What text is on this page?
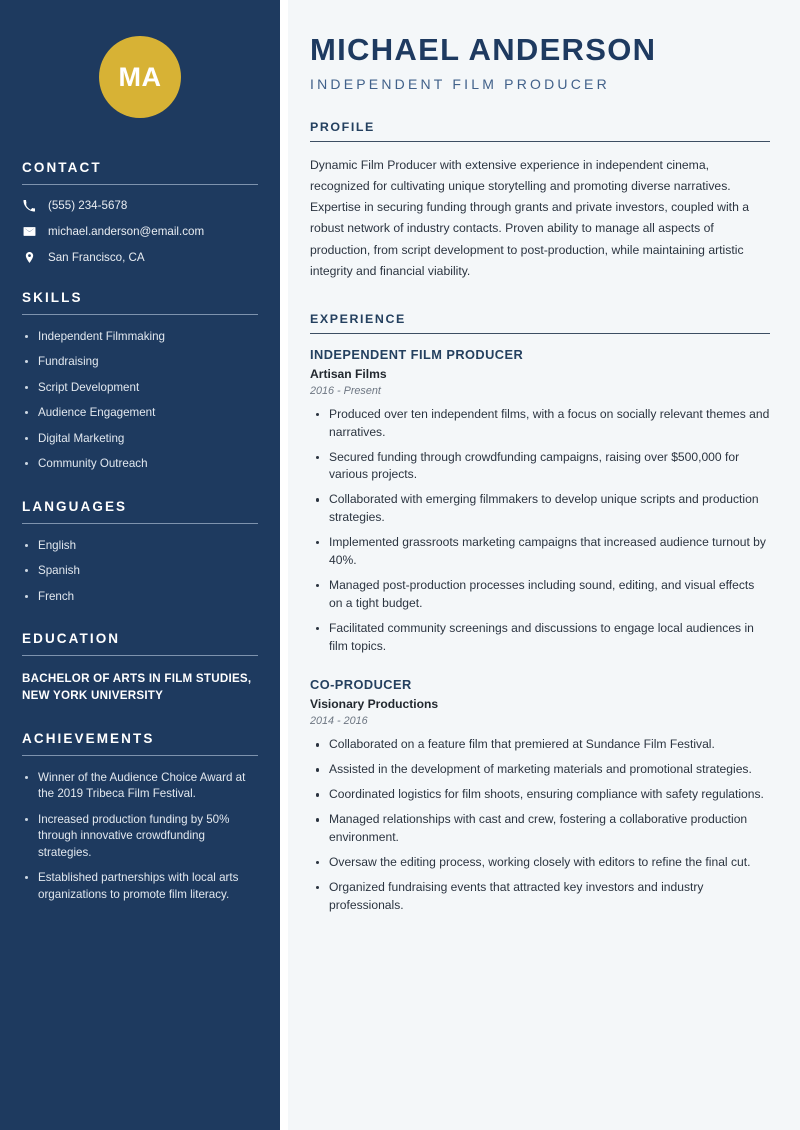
MA
CONTACT
(555) 234-5678
michael.anderson@email.com
San Francisco, CA
SKILLS
Independent Filmmaking
Fundraising
Script Development
Audience Engagement
Digital Marketing
Community Outreach
LANGUAGES
English
Spanish
French
EDUCATION
BACHELOR OF ARTS IN FILM STUDIES, NEW YORK UNIVERSITY
ACHIEVEMENTS
Winner of the Audience Choice Award at the 2019 Tribeca Film Festival.
Increased production funding by 50% through innovative crowdfunding strategies.
Established partnerships with local arts organizations to promote film literacy.
MICHAEL ANDERSON
INDEPENDENT FILM PRODUCER
PROFILE

Dynamic Film Producer with extensive experience in independent cinema, recognized for cultivating unique storytelling and promoting diverse narratives. Expertise in securing funding through grants and private investors, coupled with a robust network of industry contacts. Proven ability to manage all aspects of production, from script development to post-production, while maintaining artistic integrity and financial viability.

EXPERIENCE
INDEPENDENT FILM PRODUCER
Artisan Films
2016 - Present
Produced over ten independent films, with a focus on socially relevant themes and narratives.
Secured funding through crowdfunding campaigns, raising over $500,000 for various projects.
Collaborated with emerging filmmakers to develop unique scripts and production strategies.
Implemented grassroots marketing campaigns that increased audience turnout by 40%.
Managed post-production processes including sound, editing, and visual effects on a tight budget.
Facilitated community screenings and discussions to engage local audiences in film topics.
CO-PRODUCER
Visionary Productions
2014 - 2016
Collaborated on a feature film that premiered at Sundance Film Festival.
Assisted in the development of marketing materials and promotional strategies.
Coordinated logistics for film shoots, ensuring compliance with safety regulations.
Managed relationships with cast and crew, fostering a collaborative production environment.
Oversaw the editing process, working closely with editors to refine the final cut.
Organized fundraising events that attracted key investors and industry professionals.
